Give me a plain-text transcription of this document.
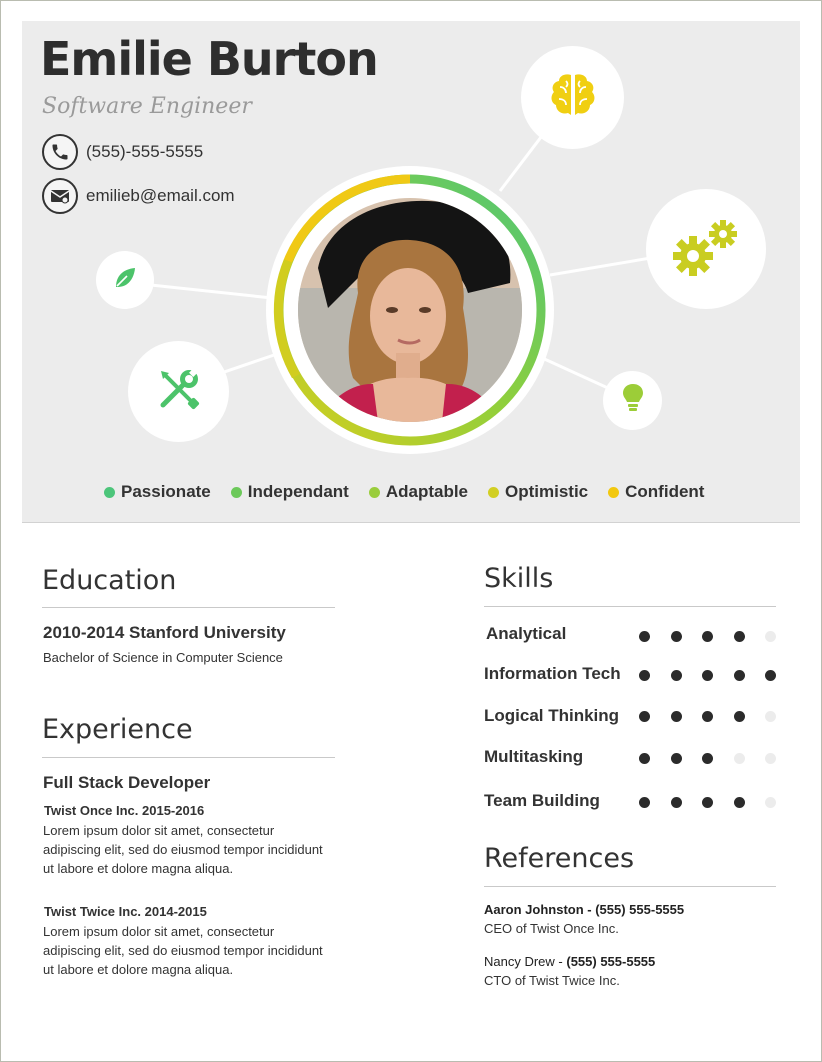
Emilie Burton
Software Engineer
(555)-555-5555
emilieb@email.com
Passionate Independant Adaptable Optimistic Confident
Education
2010-2014 Stanford University
Bachelor of Science in Computer Science
Experience
Full Stack Developer
Twist Once Inc. 2015-2016
Lorem ipsum dolor sit amet, consectetur adipiscing elit, sed do eiusmod tempor incididunt ut labore et dolore magna aliqua.
Twist Twice Inc. 2014-2015
Lorem ipsum dolor sit amet, consectetur adipiscing elit, sed do eiusmod tempor incididunt ut labore et dolore magna aliqua.
Skills
Analytical
Information Tech
Logical Thinking
Multitasking
Team Building
References
Aaron Johnston - (555) 555-5555
CEO of Twist Once Inc.
Nancy Drew - (555) 555-5555
CTO of Twist Twice Inc.
